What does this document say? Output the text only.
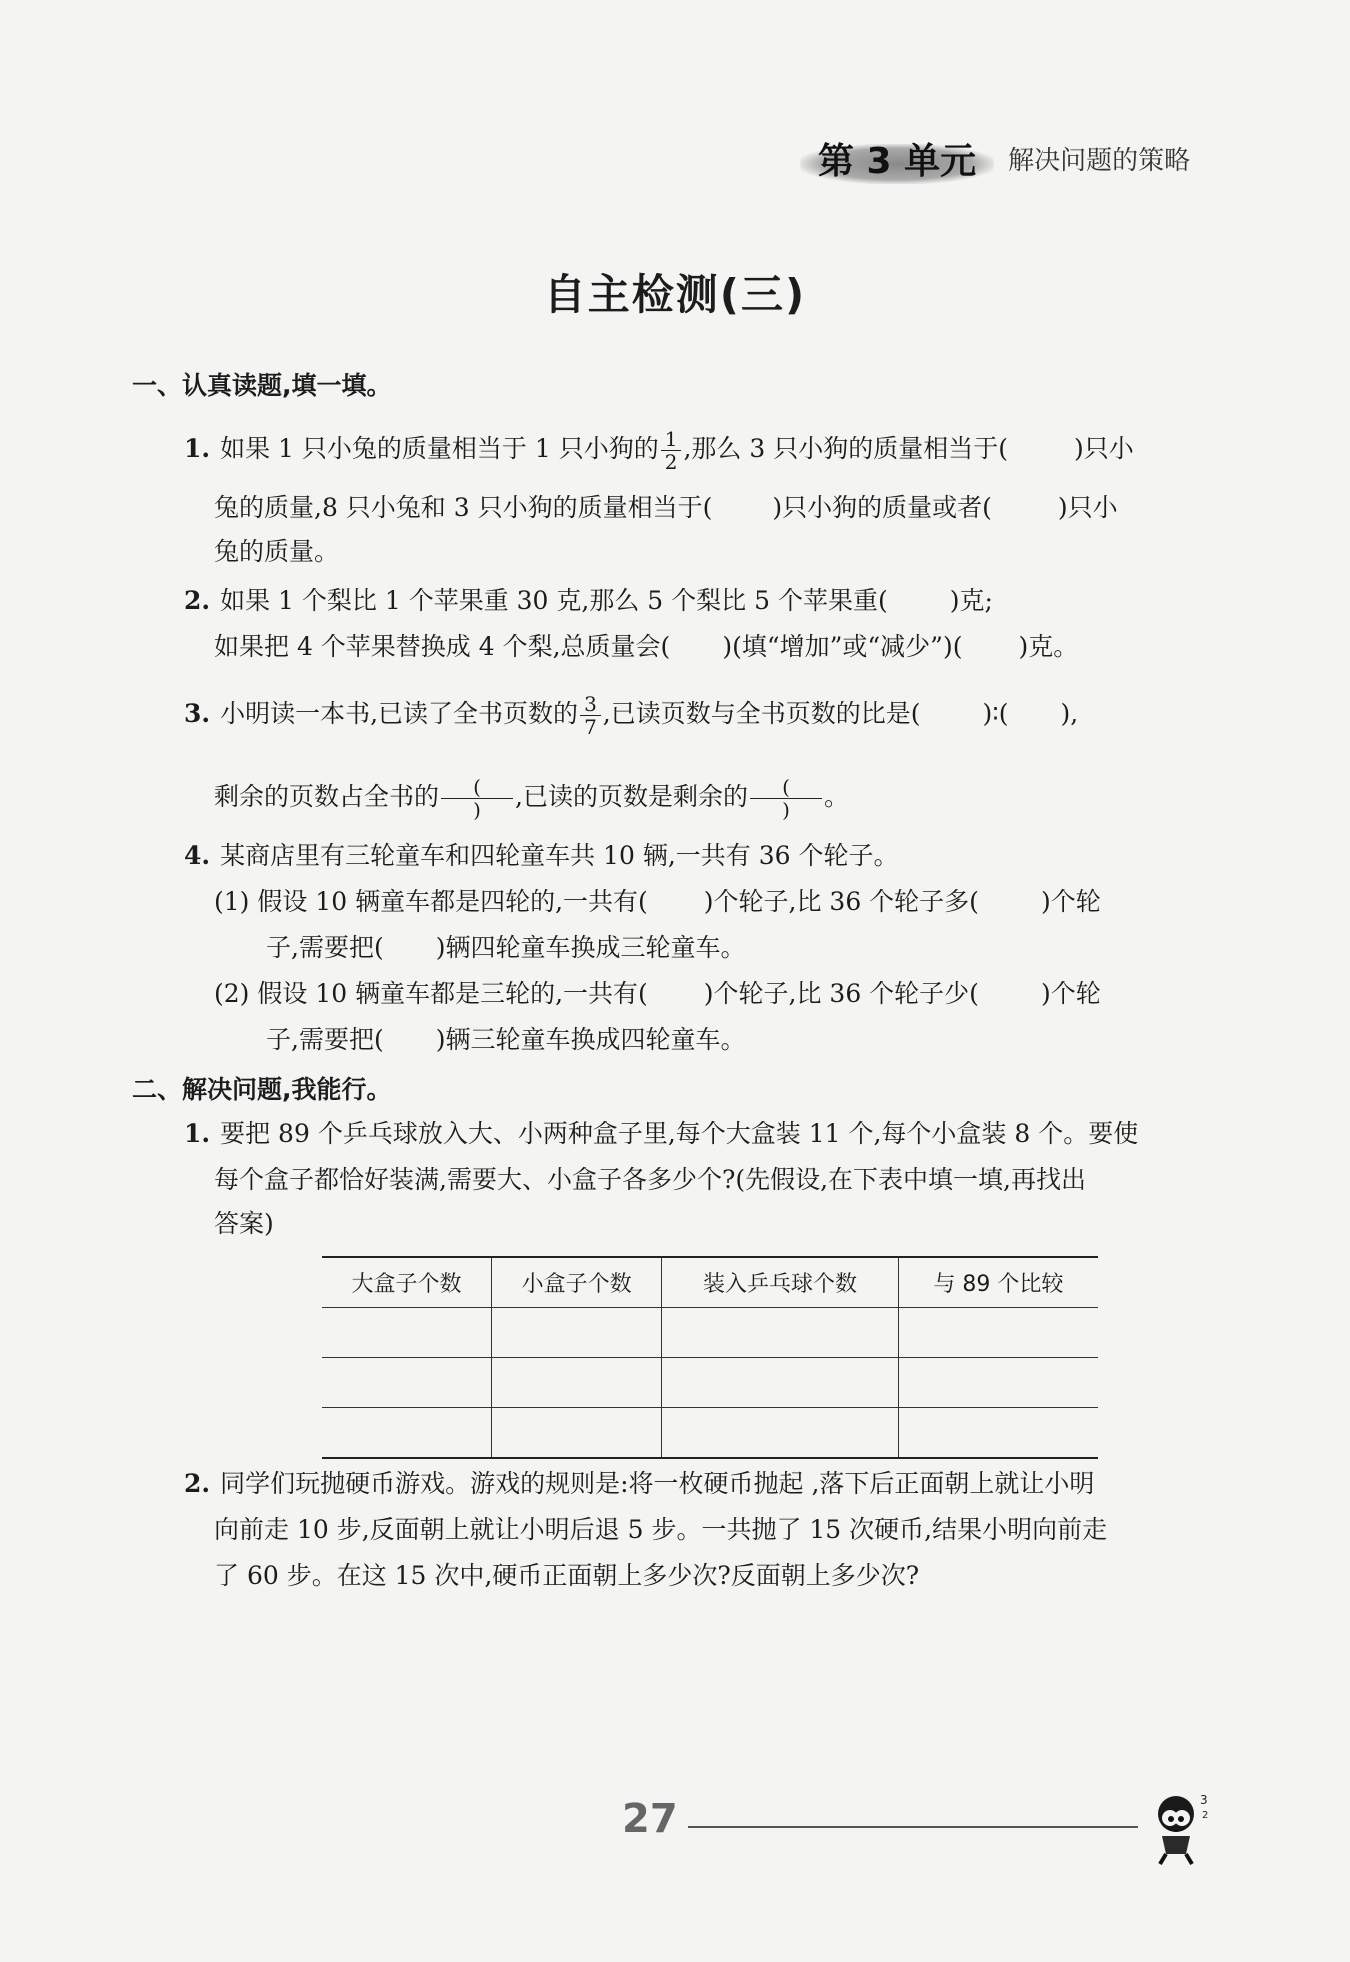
第 3 单元	解决问题的策略
自主检测(三)
一、认真读题,填一填。
1. 如果 1 只小兔的质量相当于 1 只小狗的 $\frac{1}{2}$ ,那么 3 只小狗的质量相当于(	)只小
兔的质量,8 只小兔和 3 只小狗的质量相当于( )只小狗的质量或者(	)只小
兔的质量。
2. 如果 1 个梨比 1 个苹果重 30 克,那么 5 个梨比 5 个苹果重( )克;
如果把 4 个苹果替换成 4 个梨,总质量会( )(填“增加”或“减少”)( )克。
3. 小明读一本书,已读了全书页数的 $\frac{3}{7}$ ,已读页数与全书页数的比是( )∶( ),
剩余的页数占全书的 $\frac{(}{)}$ ,已读的页数是剩余的 $\frac{(}{)}$ 。
4. 某商店里有三轮童车和四轮童车共 10 辆,一共有 36 个轮子。
(1) 假设 10 辆童车都是四轮的,一共有( )个轮子,比 36 个轮子多( )个轮
子,需要把( )辆四轮童车换成三轮童车。
(2) 假设 10 辆童车都是三轮的,一共有( )个轮子,比 36 个轮子少( )个轮
子,需要把( )辆三轮童车换成四轮童车。
二、解决问题,我能行。
1. 要把 89 个乒乓球放入大、小两种盒子里,每个大盒装 11 个,每个小盒装 8 个。要使
每个盒子都恰好装满,需要大、小盒子各多少个?(先假设,在下表中填一填,再找出
答案)
大盒子个数	小盒子个数	装入乒乓球个数	与 89 个比较

2. 同学们玩抛硬币游戏。游戏的规则是:将一枚硬币抛起 ,落下后正面朝上就让小明
向前走 10 步,反面朝上就让小明后退 5 步。一共抛了 15 次硬币,结果小明向前走
了 60 步。在这 15 次中,硬币正面朝上多少次?反面朝上多少次?
27	3
2
